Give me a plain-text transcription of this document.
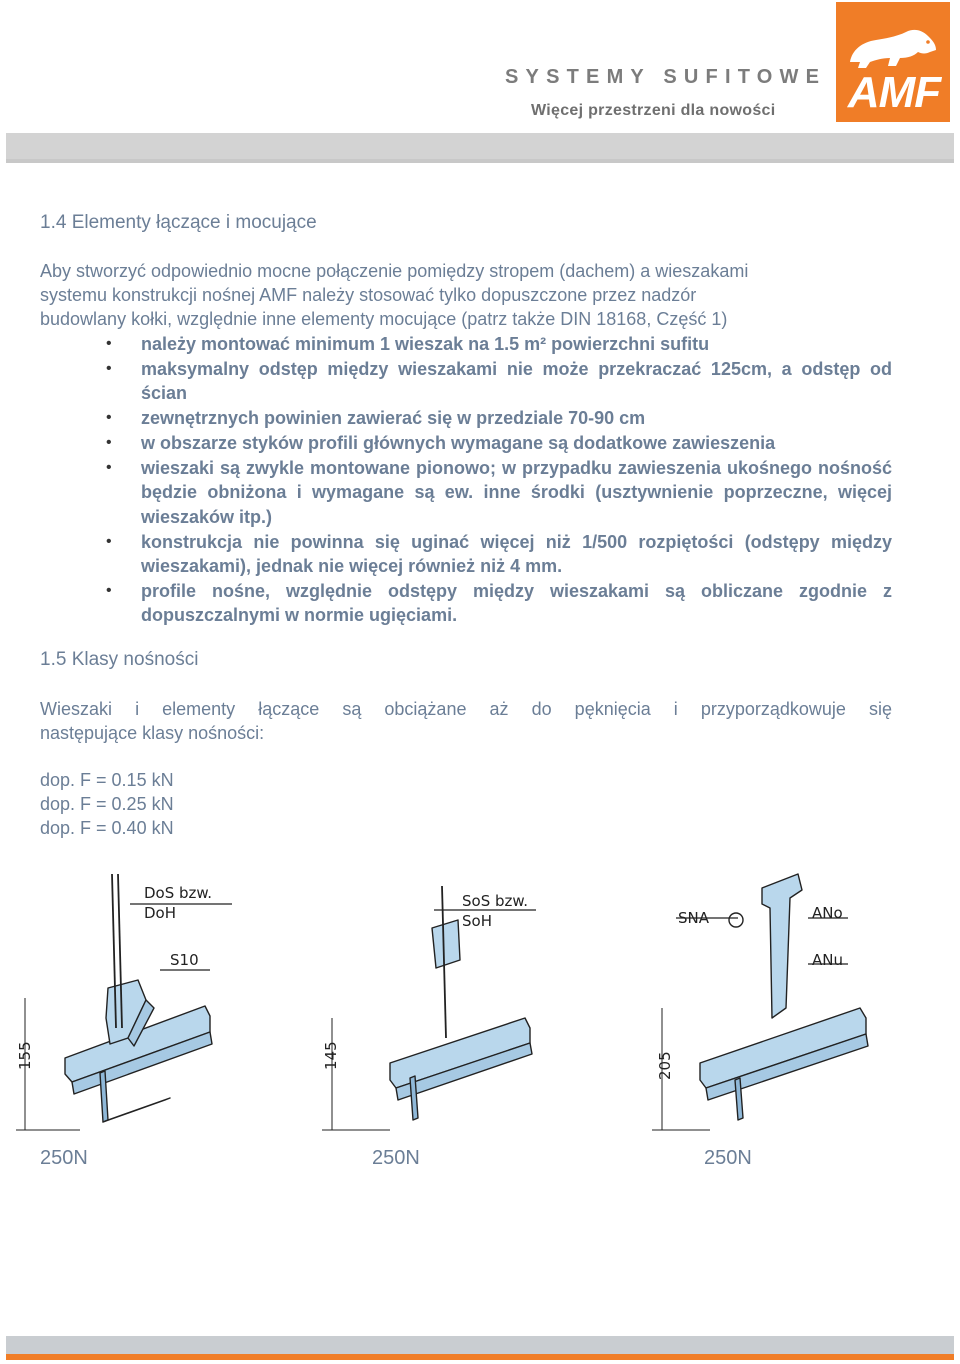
SYSTEMY SUFITOWE
Więcej przestrzeni dla nowości AMF
1.4 Elementy łączące i mocujące

Aby stworzyć odpowiednio mocne połączenie pomiędzy stropem (dachem) a wieszakami

systemu konstrukcji nośnej AMF należy stosować tylko dopuszczone przez nadzór

budowlany kołki, względnie inne elementy mocujące (patrz także DIN 18168, Część 1)

• należy montować minimum 1 wieszak na 1.5 m² powierzchni sufitu
• maksymalny odstęp między wieszakami nie może przekraczać 125cm, a odstęp od ścian
• zewnętrznych powinien zawierać się w przedziale 70-90 cm
• w obszarze styków profili głównych wymagane są dodatkowe zawieszenia
• wieszaki są zwykle montowane pionowo; w przypadku zawieszenia ukośnego nośność będzie obniżona i wymagane są ew. inne środki (usztywnienie poprzeczne, więcej wieszaków itp.)
• konstrukcja nie powinna się uginać więcej niż 1/500 rozpiętości (odstępy między wieszakami), jednak nie więcej również niż 4 mm.
• profile nośne, względnie odstępy między wieszakami są obliczane zgodnie z dopuszczalnymi w normie ugięciami.
1.5 Klasy nośności

Wieszaki i elementy łączące są obciążane aż do pęknięcia i przyporządkowuje się

następujące klasy nośności:

dop. F = 0.15 kN

dop. F = 0.25 kN

dop. F = 0.40 kN

DoS bzw.
DoH
S10
155
SoS bzw.
SoH
145
SNA	ANo
ANu
205
250N	250N	250N
